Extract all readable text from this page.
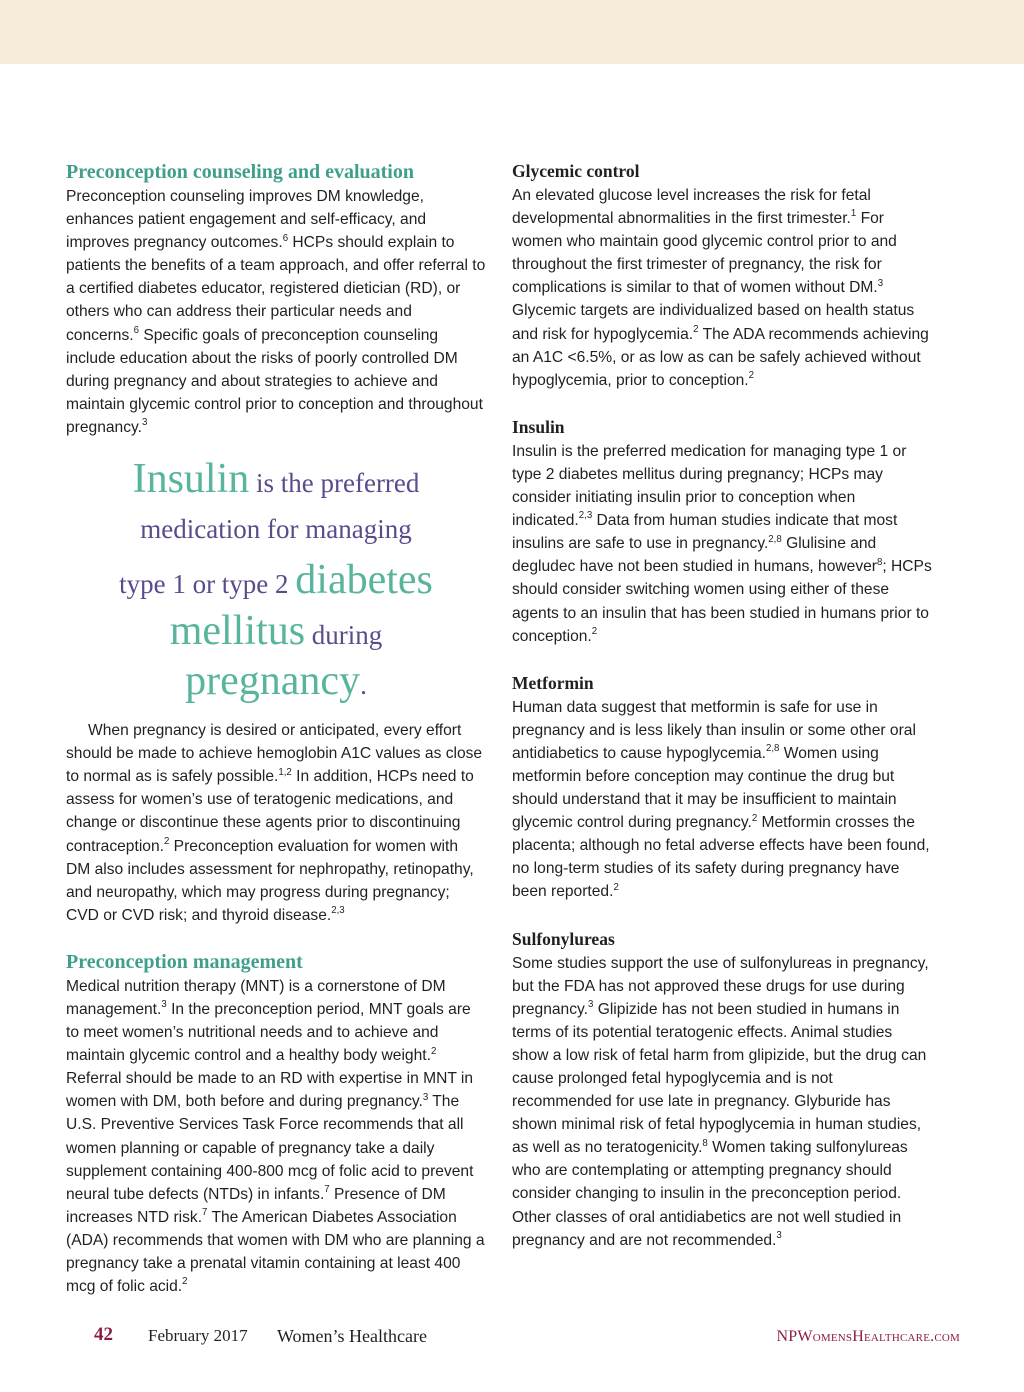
Preconception counseling and evaluation

Preconception counseling improves DM knowledge, enhances patient engagement and self-efficacy, and improves pregnancy outcomes.$^6$ HCPs should explain to patients the benefits of a team approach, and offer referral to a certified diabetes educator, registered dietician (RD), or others who can address their particular needs and concerns.$^6$ Specific goals of preconception counseling include education about the risks of poorly controlled DM during pregnancy and about strategies to achieve and maintain glycemic control prior to conception and throughout pregnancy.$^3$

Insulin is the preferred
medication for managing
type 1 or type 2 diabetes
mellitus during
pregnancy.

When pregnancy is desired or anticipated, every effort should be made to achieve hemoglobin A1C values as close to normal as is safely possible.$^{1,2}$ In addition, HCPs need to assess for women’s use of teratogenic medications, and change or discontinue these agents prior to discontinuing contraception.$^2$ Preconception evaluation for women with DM also includes assessment for nephropathy, retinopathy, and neuropathy, which may progress during pregnancy; CVD or CVD risk; and thyroid disease.$^{2,3}$

Preconception management

Medical nutrition therapy (MNT) is a cornerstone of DM management.$^3$ In the preconception period, MNT goals are to meet women’s nutritional needs and to achieve and maintain glycemic control and a healthy body weight.$^2$ Referral should be made to an RD with expertise in MNT in women with DM, both before and during pregnancy.$^3$ The U.S. Preventive Services Task Force recommends that all women planning or capable of pregnancy take a daily supplement containing 400-800 mcg of folic acid to prevent neural tube defects (NTDs) in infants.$^7$ Presence of DM increases NTD risk.$^7$ The American Diabetes Association (ADA) recommends that women with DM who are planning a pregnancy take a prenatal vitamin containing at least 400 mcg of folic acid.$^2$

Glycemic control

An elevated glucose level increases the risk for fetal developmental abnormalities in the first trimester.$^1$ For women who maintain good glycemic control prior to and throughout the first trimester of pregnancy, the risk for complications is similar to that of women without DM.$^3$ Glycemic targets are individualized based on health status and risk for hypoglycemia.$^2$ The ADA recommends achieving an A1C <6.5%, or as low as can be safely achieved without hypoglycemia, prior to conception.$^2$

Insulin

Insulin is the preferred medication for managing type 1 or type 2 diabetes mellitus during pregnancy; HCPs may consider initiating insulin prior to conception when indicated.$^{2,3}$ Data from human studies indicate that most insulins are safe to use in pregnancy.$^{2,8}$ Glulisine and degludec have not been studied in humans, however$^8$; HCPs should consider switching women using either of these agents to an insulin that has been studied in humans prior to conception.$^2$

Metformin

Human data suggest that metformin is safe for use in pregnancy and is less likely than insulin or some other oral antidiabetics to cause hypoglycemia.$^{2,8}$ Women using metformin before conception may continue the drug but should understand that it may be insufficient to maintain glycemic control during pregnancy.$^2$ Metformin crosses the placenta; although no fetal adverse effects have been found, no long-term studies of its safety during pregnancy have been reported.$^2$

Sulfonylureas

Some studies support the use of sulfonylureas in pregnancy, but the FDA has not approved these drugs for use during pregnancy.$^3$ Glipizide has not been studied in humans in terms of its potential teratogenic effects. Animal studies show a low risk of fetal harm from glipizide, but the drug can cause prolonged fetal hypoglycemia and is not recommended for use late in pregnancy. Glyburide has shown minimal risk of fetal hypoglycemia in human studies, as well as no teratogenicity.$^8$ Women taking sulfonylureas who are contemplating or attempting pregnancy should consider changing to insulin in the preconception period. Other classes of oral antidiabetics are not well studied in pregnancy and are not recommended.$^3$

42 February 2017 Women’s Healthcare	NPWomensHealthcare.com
